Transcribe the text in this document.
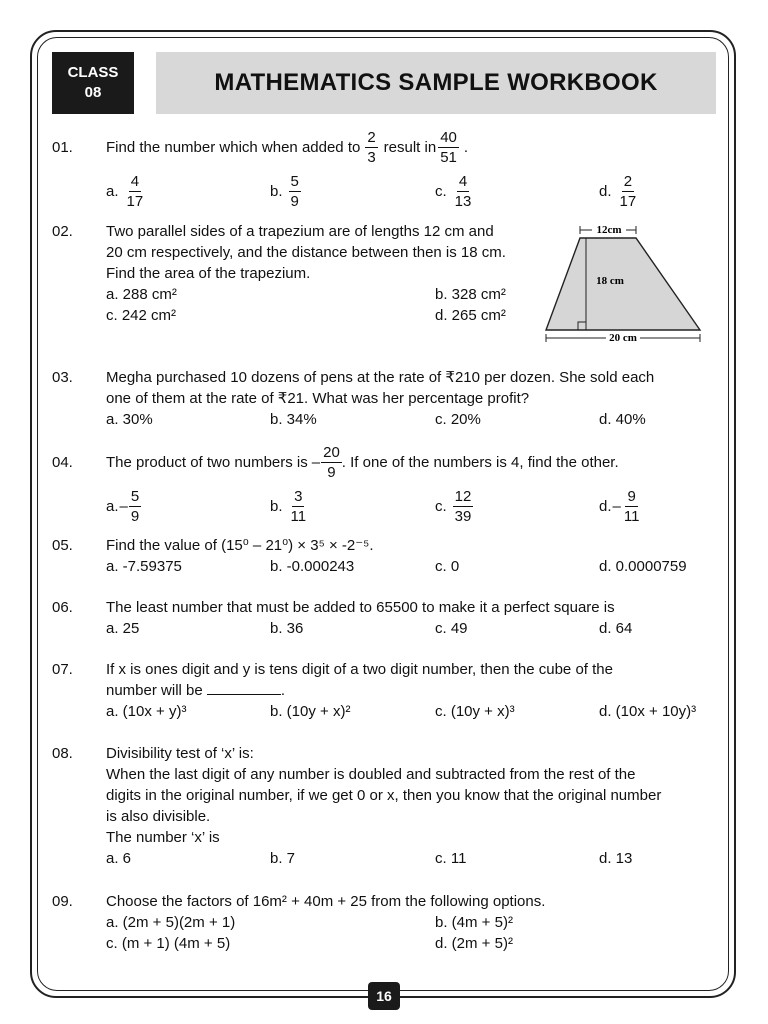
CLASS
08	MATHEMATICS SAMPLE WORKBOOK
01.	Find the number which when added to $\frac{2}{3}$ result in $\frac{40}{51}$ .
a. $\frac{4}{17}$	b. $\frac{5}{9}$	c. $\frac{4}{13}$	d. $\frac{2}{17}$
02.	Two parallel sides of a trapezium are of lengths 12 cm and
20 cm respectively, and the distance between then is 18 cm.
Find the area of the trapezium.
a. 288 cm²	b. 328 cm²
c. 242 cm²	d. 265 cm²
12cm
18 cm
20 cm
03.	Megha purchased 10 dozens of pens at the rate of ₹210 per dozen. She sold each
one of them at the rate of ₹21. What was her percentage profit?
a. 30%	b. 34%	c. 20%	d. 40%
04.	The product of two numbers is – $\frac{20}{9}$ . If one of the numbers is 4, find the other.
a. – $\frac{5}{9}$	b. $\frac{3}{11}$	c. $\frac{12}{39}$	d. – $\frac{9}{11}$
05.	Find the value of (15⁰ – 21⁰) × 3⁵ × -2⁻⁵.
a. -7.59375	b. -0.000243	c. 0	d. 0.0000759
06.	The least number that must be added to 65500 to make it a perfect square is
a. 25	b. 36	c. 49	d. 64
07.	If x is ones digit and y is tens digit of a two digit number, then the cube of the
number will be	.
a. (10x + y)³	b. (10y + x)²	c. (10y + x)³	d. (10x + 10y)³
08.	Divisibility test of ‘x’ is:
When the last digit of any number is doubled and subtracted from the rest of the
digits in the original number, if we get 0 or x, then you know that the original number
is also divisible.
The number ‘x’ is
a. 6	b. 7	c. 11	d. 13
09.	Choose the factors of 16m² + 40m + 25 from the following options.
a. (2m + 5)(2m + 1)	b. (4m + 5)²
c. (m + 1) (4m + 5)	d. (2m + 5)²
16
